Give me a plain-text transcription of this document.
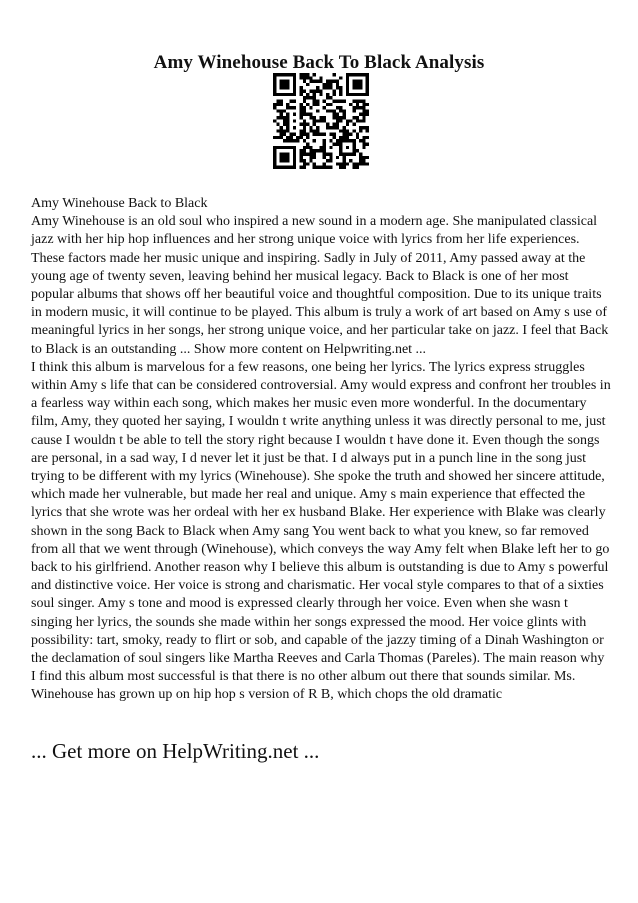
Amy Winehouse Back To Black Analysis

Amy Winehouse Back to Black

Amy Winehouse is an old soul who inspired a new sound in a modern age. She manipulated classical jazz with her hip hop influences and her strong unique voice with lyrics from her life experiences. These factors made her music unique and inspiring. Sadly in July of 2011, Amy passed away at the young age of twenty seven, leaving behind her musical legacy. Back to Black is one of her most popular albums that shows off her beautiful voice and thoughtful composition. Due to its unique traits in modern music, it will continue to be played. This album is truly a work of art based on Amy s use of meaningful lyrics in her songs, her strong unique voice, and her particular take on jazz. I feel that Back to Black is an outstanding ... Show more content on Helpwriting.net ...

I think this album is marvelous for a few reasons, one being her lyrics. The lyrics express struggles within Amy s life that can be considered controversial. Amy would express and confront her troubles in a fearless way within each song, which makes her music even more wonderful. In the documentary film, Amy, they quoted her saying, I wouldn t write anything unless it was directly personal to me, just cause I wouldn t be able to tell the story right because I wouldn t have done it. Even though the songs are personal, in a sad way, I d never let it just be that. I d always put in a punch line in the song just trying to be different with my lyrics (Winehouse). She spoke the truth and showed her sincere attitude, which made her vulnerable, but made her real and unique. Amy s main experience that effected the lyrics that she wrote was her ordeal with her ex husband Blake. Her experience with Blake was clearly shown in the song Back to Black when Amy sang You went back to what you knew, so far removed from all that we went through (Winehouse), which conveys the way Amy felt when Blake left her to go back to his girlfriend. Another reason why I believe this album is outstanding is due to Amy s powerful and distinctive voice. Her voice is strong and charismatic. Her vocal style compares to that of a sixties soul singer. Amy s tone and mood is expressed clearly through her voice. Even when she wasn t singing her lyrics, the sounds she made within her songs expressed the mood. Her voice glints with possibility: tart, smoky, ready to flirt or sob, and capable of the jazzy timing of a Dinah Washington or the declamation of soul singers like Martha Reeves and Carla Thomas (Pareles). The main reason why I find this album most successful is that there is no other album out there that sounds similar. Ms. Winehouse has grown up on hip hop s version of R B, which chops the old dramatic

... Get more on HelpWriting.net ...
